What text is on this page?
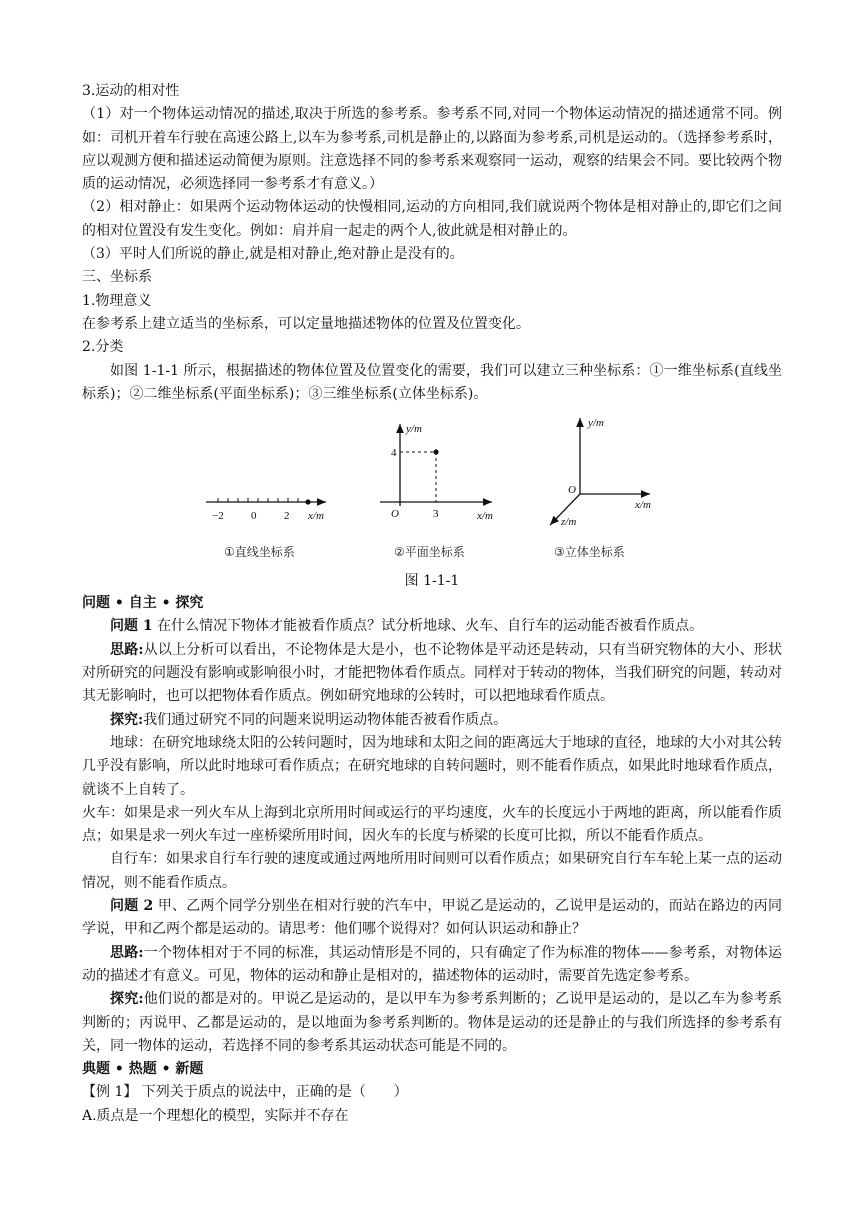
3.运动的相对性

（1）对一个物体运动情况的描述,取决于所选的参考系。参考系不同,对同一个物体运动情况的描述通常不同。例如：司机开着车行驶在高速公路上,以车为参考系,司机是静止的,以路面为参考系,司机是运动的。（选择参考系时，应以观测方便和描述运动简便为原则。注意选择不同的参考系来观察同一运动，观察的结果会不同。要比较两个物质的运动情况，必须选择同一参考系才有意义。）

（2）相对静止：如果两个运动物体运动的快慢相同,运动的方向相同,我们就说两个物体是相对静止的,即它们之间的相对位置没有发生变化。例如：肩并肩一起走的两个人,彼此就是相对静止的。

（3）平时人们所说的静止,就是相对静止,绝对静止是没有的。

三、坐标系

1.物理意义

在参考系上建立适当的坐标系，可以定量地描述物体的位置及位置变化。

2.分类

如图 1-1-1 所示，根据描述的物体位置及位置变化的需要，我们可以建立三种坐标系：①一维坐标系(直线坐标系)；②二维坐标系(平面坐标系)；③三维坐标系(立体坐标系)。

−2 0	2 x/m
①直线坐标系
y/m
4
O	3	x/m
②平面坐标系
y/m
O
x/m
z/m
③立体坐标系

图 1-1-1

问题 • 自主 • 探究

问题 1 在什么情况下物体才能被看作质点？试分析地球、火车、自行车的运动能否被看作质点。

思路:从以上分析可以看出，不论物体是大是小，也不论物体是平动还是转动，只有当研究物体的大小、形状对所研究的问题没有影响或影响很小时，才能把物体看作质点。同样对于转动的物体，当我们研究的问题，转动对其无影响时，也可以把物体看作质点。例如研究地球的公转时，可以把地球看作质点。

探究:我们通过研究不同的问题来说明运动物体能否被看作质点。

地球：在研究地球绕太阳的公转问题时，因为地球和太阳之间的距离远大于地球的直径，地球的大小对其公转几乎没有影响，所以此时地球可看作质点；在研究地球的自转问题时，则不能看作质点，如果此时地球看作质点，就谈不上自转了。

火车：如果是求一列火车从上海到北京所用时间或运行的平均速度，火车的长度远小于两地的距离，所以能看作质点；如果是求一列火车过一座桥梁所用时间，因火车的长度与桥梁的长度可比拟，所以不能看作质点。

自行车：如果求自行车行驶的速度或通过两地所用时间则可以看作质点；如果研究自行车车轮上某一点的运动情况，则不能看作质点。

问题 2 甲、乙两个同学分别坐在相对行驶的汽车中，甲说乙是运动的，乙说甲是运动的，而站在路边的丙同学说，甲和乙两个都是运动的。请思考：他们哪个说得对？如何认识运动和静止？

思路:一个物体相对于不同的标准，其运动情形是不同的，只有确定了作为标准的物体——参考系，对物体运动的描述才有意义。可见，物体的运动和静止是相对的，描述物体的运动时，需要首先选定参考系。

探究:他们说的都是对的。甲说乙是运动的，是以甲车为参考系判断的；乙说甲是运动的，是以乙车为参考系判断的；丙说甲、乙都是运动的，是以地面为参考系判断的。物体是运动的还是静止的与我们所选择的参考系有关，同一物体的运动，若选择不同的参考系其运动状态可能是不同的。

典题 • 热题 • 新题

【例 1】 下列关于质点的说法中，正确的是（　　）

A.质点是一个理想化的模型，实际并不存在
